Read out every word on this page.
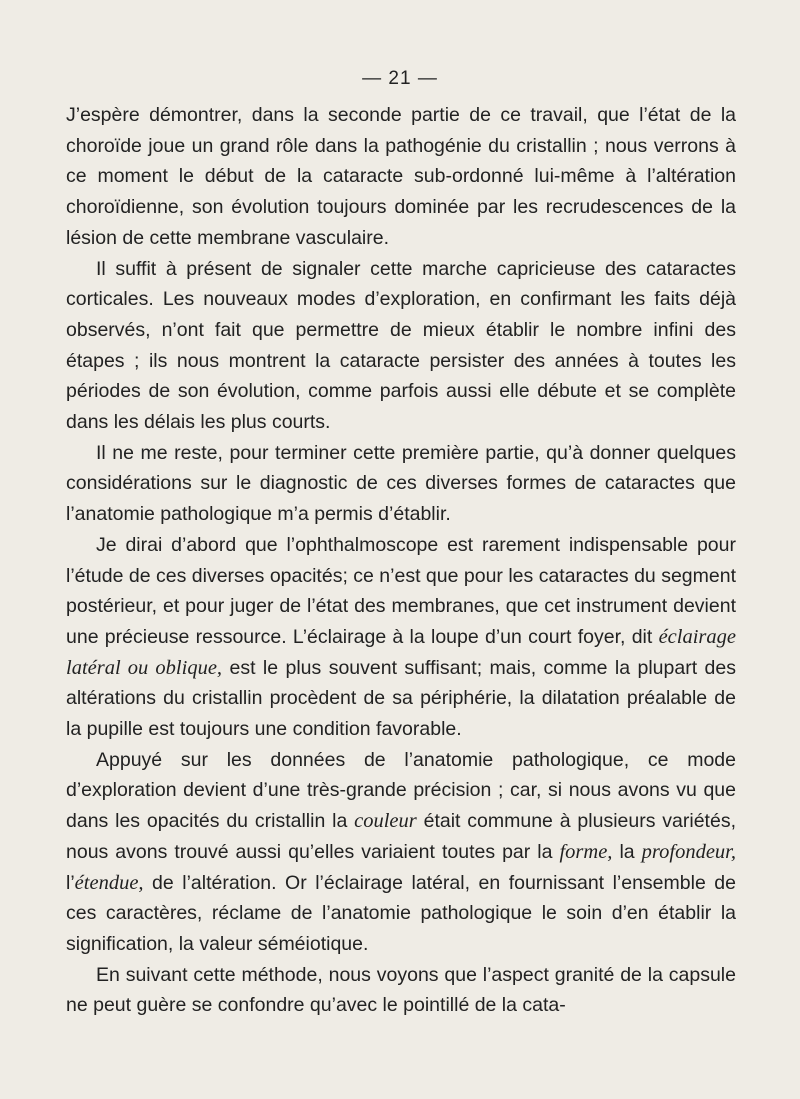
— 21 —

J’espère démontrer, dans la seconde partie de ce travail, que l’état de la choroïde joue un grand rôle dans la pathogénie du cristallin ; nous verrons à ce moment le début de la cataracte sub-ordonné lui-même à l’altération choroïdienne, son évolution toujours dominée par les recrudescences de la lésion de cette membrane vasculaire.

Il suffit à présent de signaler cette marche capricieuse des cataractes corticales. Les nouveaux modes d’exploration, en confirmant les faits déjà observés, n’ont fait que permettre de mieux établir le nombre infini des étapes ; ils nous montrent la cataracte persister des années à toutes les périodes de son évolution, comme parfois aussi elle débute et se complète dans les délais les plus courts.

Il ne me reste, pour terminer cette première partie, qu’à donner quelques considérations sur le diagnostic de ces diverses formes de cataractes que l’anatomie pathologique m’a permis d’établir.

Je dirai d’abord que l’ophthalmoscope est rarement indispensable pour l’étude de ces diverses opacités; ce n’est que pour les cataractes du segment postérieur, et pour juger de l’état des membranes, que cet instrument devient une précieuse ressource. L’éclairage à la loupe d’un court foyer, dit éclairage latéral ou oblique, est le plus souvent suffisant; mais, comme la plupart des altérations du cristallin procèdent de sa périphérie, la dilatation préalable de la pupille est toujours une condition favorable.

Appuyé sur les données de l’anatomie pathologique, ce mode d’exploration devient d’une très-grande précision ; car, si nous avons vu que dans les opacités du cristallin la couleur était commune à plusieurs variétés, nous avons trouvé aussi qu’elles variaient toutes par la forme, la profondeur, l’étendue, de l’altération. Or l’éclairage latéral, en fournissant l’ensemble de ces caractères, réclame de l’anatomie pathologique le soin d’en établir la signification, la valeur séméiotique.

En suivant cette méthode, nous voyons que l’aspect granité de la capsule ne peut guère se confondre qu’avec le pointillé de la cata-
